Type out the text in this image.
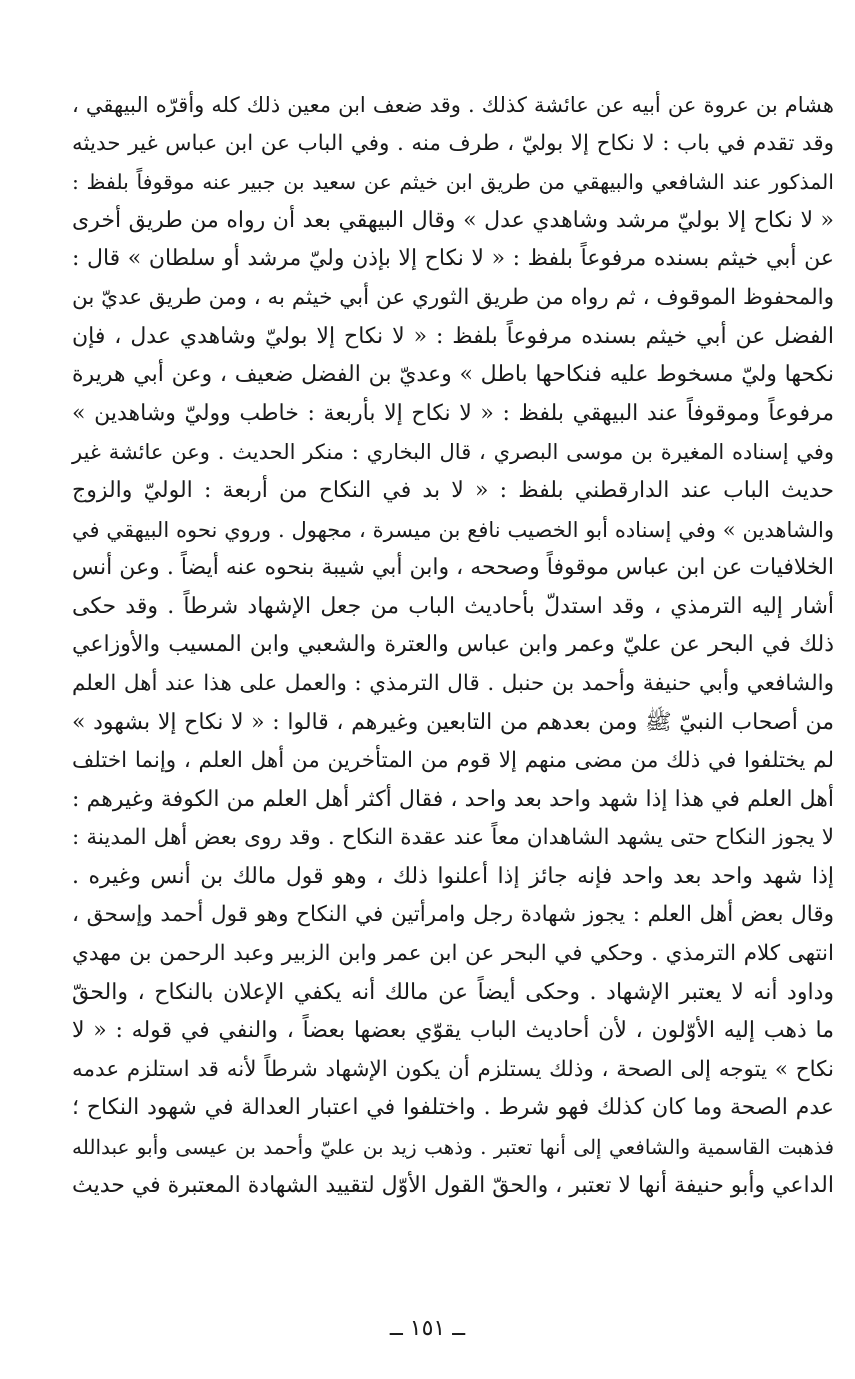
هشام بن عروة عن أبيه عن عائشة كذلك . وقد ضعف ابن معين ذلك كله وأقرّه البيهقي ،
وقد تقدم في باب : لا نكاح إلا بوليّ ، طرف منه . وفي الباب عن ابن عباس غير حديثه
المذكور عند الشافعي والبيهقي من طريق ابن خيثم عن سعيد بن جبير عنه موقوفاً بلفظ :
« لا نكاح إلا بوليّ مرشد وشاهدي عدل » وقال البيهقي بعد أن رواه من طريق أخرى
عن أبي خيثم بسنده مرفوعاً بلفظ : « لا نكاح إلا بإذن وليّ مرشد أو سلطان » قال :
والمحفوظ الموقوف ، ثم رواه من طريق الثوري عن أبي خيثم به ، ومن طريق عديّ بن
الفضل عن أبي خيثم بسنده مرفوعاً بلفظ : « لا نكاح إلا بوليّ وشاهدي عدل ، فإن
نكحها وليّ مسخوط عليه فنكاحها باطل » وعديّ بن الفضل ضعيف ، وعن أبي هريرة
مرفوعاً وموقوفاً عند البيهقي بلفظ : « لا نكاح إلا بأربعة : خاطب ووليّ وشاهدين »
وفي إسناده المغيرة بن موسى البصري ، قال البخاري : منكر الحديث . وعن عائشة غير
حديث الباب عند الدارقطني بلفظ : « لا بد في النكاح من أربعة : الوليّ والزوج
والشاهدين » وفي إسناده أبو الخصيب نافع بن ميسرة ، مجهول . وروي نحوه البيهقي في
الخلافيات عن ابن عباس موقوفاً وصححه ، وابن أبي شيبة بنحوه عنه أيضاً . وعن أنس
أشار إليه الترمذي ، وقد استدلّ بأحاديث الباب من جعل الإشهاد شرطاً . وقد حكى
ذلك في البحر عن عليّ وعمر وابن عباس والعترة والشعبي وابن المسيب والأوزاعي
والشافعي وأبي حنيفة وأحمد بن حنبل . قال الترمذي : والعمل على هذا عند أهل العلم
من أصحاب النبيّ ﷺ ومن بعدهم من التابعين وغيرهم ، قالوا : « لا نكاح إلا بشهود »
لم يختلفوا في ذلك من مضى منهم إلا قوم من المتأخرين من أهل العلم ، وإنما اختلف
أهل العلم في هذا إذا شهد واحد بعد واحد ، فقال أكثر أهل العلم من الكوفة وغيرهم :
لا يجوز النكاح حتى يشهد الشاهدان معاً عند عقدة النكاح . وقد روى بعض أهل المدينة :
إذا شهد واحد بعد واحد فإنه جائز إذا أعلنوا ذلك ، وهو قول مالك بن أنس وغيره .
وقال بعض أهل العلم : يجوز شهادة رجل وامرأتين في النكاح وهو قول أحمد وإسحق ،
انتهى كلام الترمذي . وحكي في البحر عن ابن عمر وابن الزبير وعبد الرحمن بن مهدي
وداود أنه لا يعتبر الإشهاد . وحكى أيضاً عن مالك أنه يكفي الإعلان بالنكاح ، والحقّ
ما ذهب إليه الأوّلون ، لأن أحاديث الباب يقوّي بعضها بعضاً ، والنفي في قوله : « لا
نكاح » يتوجه إلى الصحة ، وذلك يستلزم أن يكون الإشهاد شرطاً لأنه قد استلزم عدمه
عدم الصحة وما كان كذلك فهو شرط . واختلفوا في اعتبار العدالة في شهود النكاح ؛
فذهبت القاسمية والشافعي إلى أنها تعتبر . وذهب زيد بن عليّ وأحمد بن عيسى وأبو عبدالله
الداعي وأبو حنيفة أنها لا تعتبر ، والحقّ القول الأوّل لتقييد الشهادة المعتبرة في حديث
ــ ١٥١ ــ
